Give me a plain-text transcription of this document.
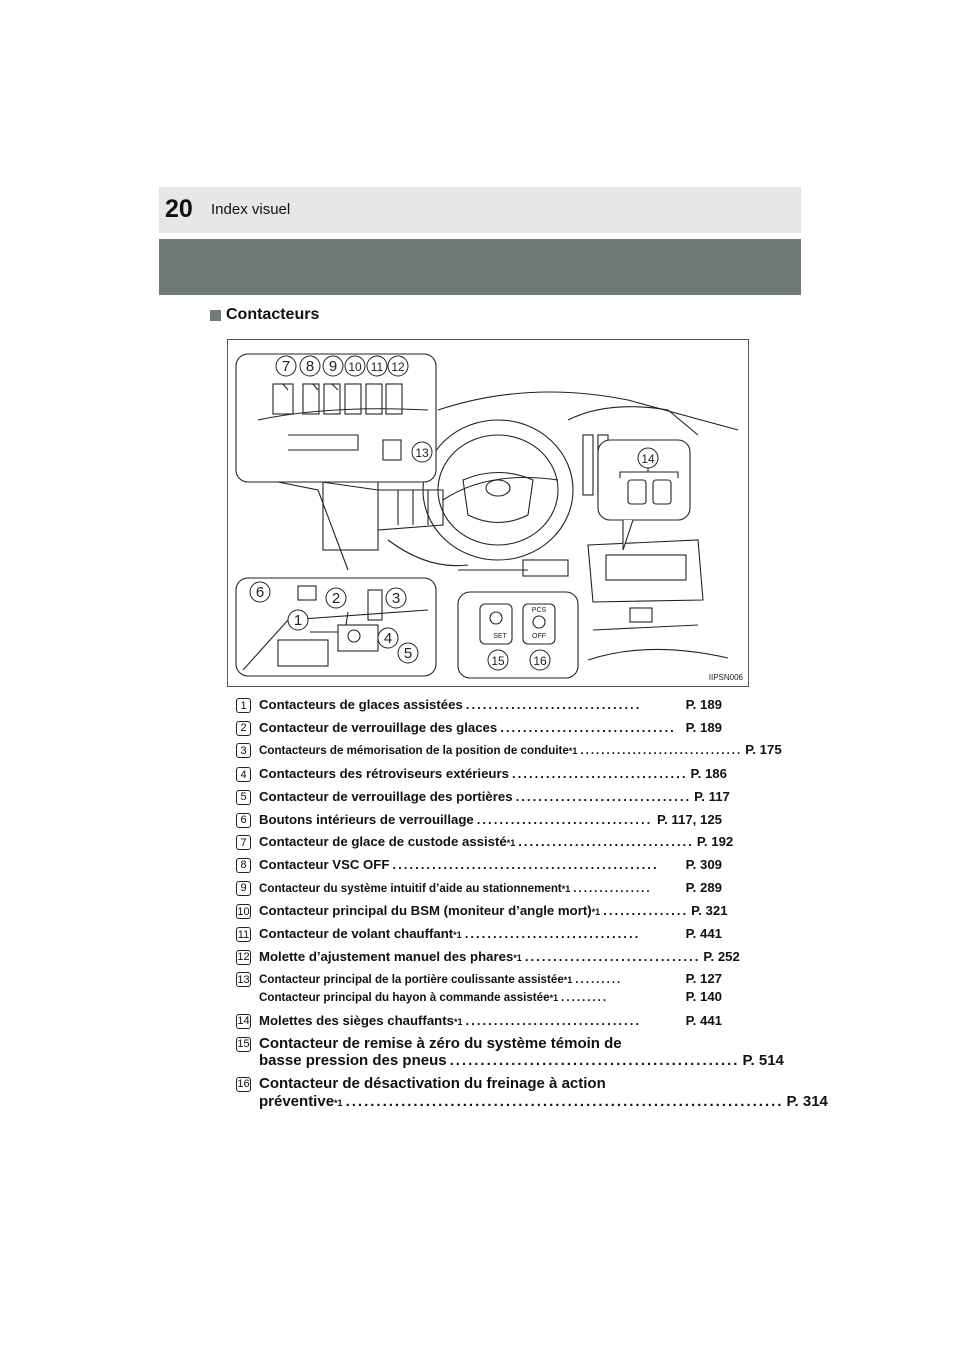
20 Index visuel
Contacteurs
7 8 9 10 11 12
13	14
6	2	3
1
4
5	15 16
PCS
OFF
SET
IIPSN006
1 Contacteurs de glaces assistées ...............................	P. 189
2 Contacteur de verrouillage des glaces ............................... P. 189
3	Contacteurs de mémorisation de la position de conduite *1 ............................... P. 175
4 Contacteurs des rétroviseurs extérieurs ............................... P. 186
5 Contacteur de verrouillage des portières ............................... P. 117
6 Boutons intérieurs de verrouillage ............................... P. 117, 125
7 Contacteur de glace de custode assisté *1 ............................... P. 192
8 Contacteur VSC OFF ...............................................	P. 309
9	Contacteur du système intuitif d’aide au stationnement *1 ...............	P. 289
10 Contacteur principal du BSM (moniteur d’angle mort) *1 ............... P. 321
11 Contacteur de volant chauffant *1 ...............................	P. 441
12 Molette d’ajustement manuel des phares *1 ............................... P. 252
13 Contacteur principal de la portière coulissante assistée *1 .........	P. 127
Contacteur principal du hayon à commande assistée *1 .........	P. 140
14 Molettes des sièges chauffants *1 ...............................	P. 441
15 Contacteur de remise à zéro du système témoin de
basse pression des pneus ............................................... P. 514
16 Contacteur de désactivation du freinage à action
préventive *1 ....................................................................... P. 314
